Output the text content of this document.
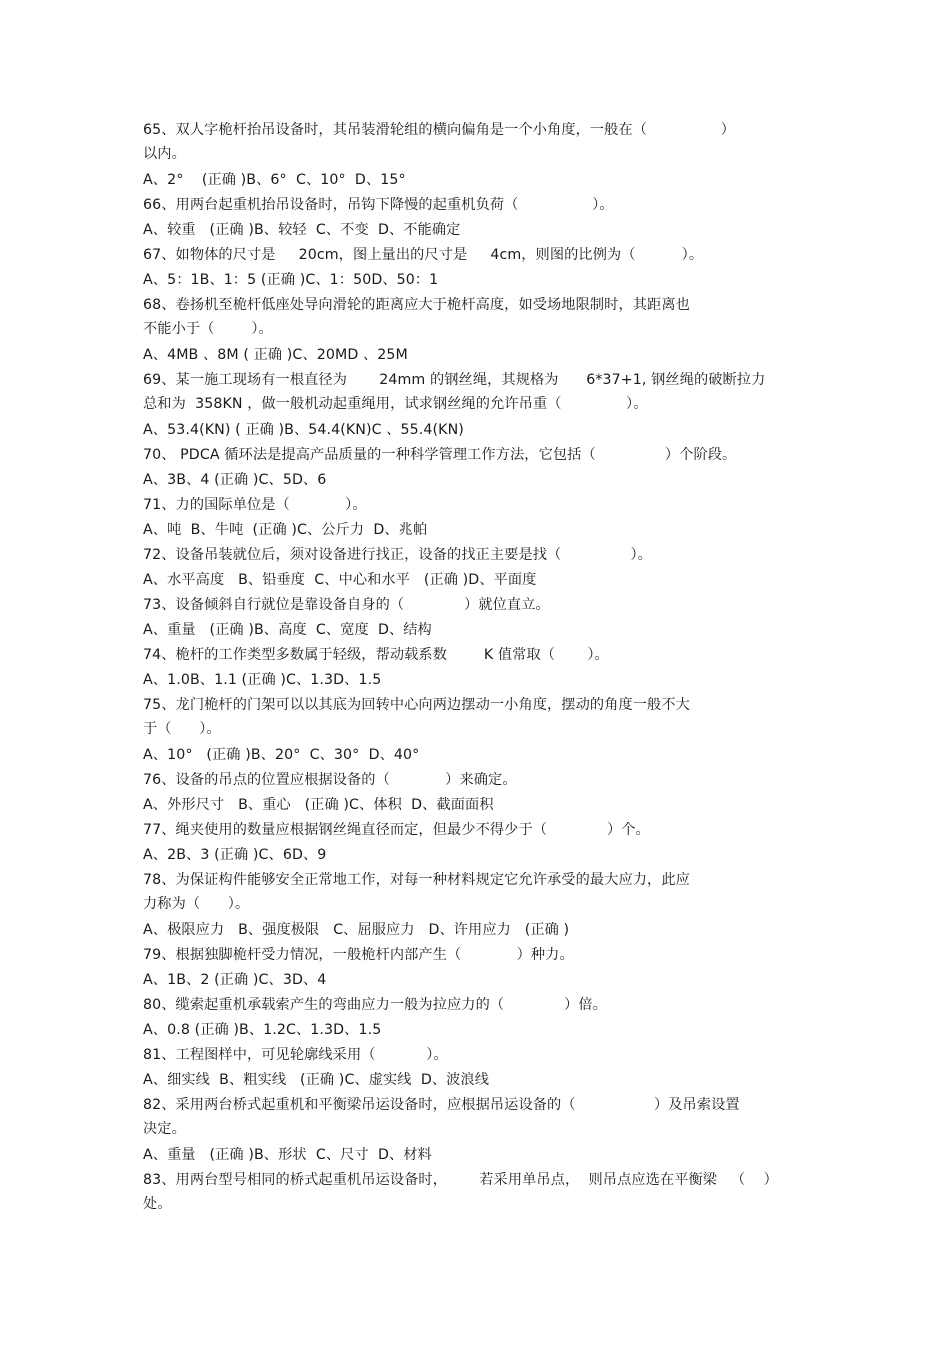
65、双人字桅杆抬吊设备时，其吊装滑轮组的横向偏角是一个小角度，一般在（                ）
以内。
A、2°    (正确 )B、6°  C、10°  D、15°
66、用两台起重机抬吊设备时，吊钩下降慢的起重机负荷（                ）。
A、较重   (正确 )B、较轻  C、不变  D、不能确定
67、如物体的尺寸是     20cm，图上量出的尺寸是     4cm，则图的比例为（          ）。
A、5：1B、1：5 (正确 )C、1：50D、50：1
68、卷扬机至桅杆低座处导向滑轮的距离应大于桅杆高度，如受场地限制时，其距离也
不能小于（        ）。
A、4MB 、8M ( 正确 )C、20MD 、25M
69、某一施工现场有一根直径为       24mm 的钢丝绳，其规格为      6*37+1, 钢丝绳的破断拉力
总和为  358KN ，做一般机动起重绳用，试求钢丝绳的允许吊重（              ）。
A、53.4(KN) ( 正确 )B、54.4(KN)C 、55.4(KN)
70、 PDCA 循环法是提高产品质量的一种科学管理工作方法，它包括（               ）个阶段。
A、3B、4 (正确 )C、5D、6
71、力的国际单位是（            ）。
A、吨  B、牛吨  (正确 )C、公斤力  D、兆帕
72、设备吊装就位后，须对设备进行找正，设备的找正主要是找（               ）。
A、水平高度   B、铅垂度  C、中心和水平   (正确 )D、平面度
73、设备倾斜自行就位是靠设备自身的（             ）就位直立。
A、重量   (正确 )B、高度  C、宽度  D、结构
74、桅杆的工作类型多数属于轻级，帮动载系数        K 值常取（       ）。
A、1.0B、1.1 (正确 )C、1.3D、1.5
75、龙门桅杆的门架可以以其底为回转中心向两边摆动一小角度，摆动的角度一般不大
于（      ）。
A、10°   (正确 )B、20°  C、30°  D、40°
76、设备的吊点的位置应根据设备的（            ）来确定。
A、外形尺寸   B、重心   (正确 )C、体积  D、截面面积
77、绳夹使用的数量应根据钢丝绳直径而定，但最少不得少于（             ）个。
A、2B、3 (正确 )C、6D、9
78、为保证构件能够安全正常地工作，对每一种材料规定它允许承受的最大应力，此应
力称为（      ）。
A、极限应力   B、强度极限   C、屈服应力   D、许用应力   (正确 )
79、根据独脚桅杆受力情况，一般桅杆内部产生（            ）种力。
A、1B、2 (正确 )C、3D、4
80、缆索起重机承载索产生的弯曲应力一般为拉应力的（             ）倍。
A、0.8 (正确 )B、1.2C、1.3D、1.5
81、工程图样中，可见轮廓线采用（           ）。
A、细实线  B、粗实线   (正确 )C、虚实线  D、波浪线
82、采用两台桥式起重机和平衡梁吊运设备时，应根据吊运设备的（                 ）及吊索设置
决定。
A、重量   (正确 )B、形状  C、尺寸  D、材料
83、用两台型号相同的桥式起重机吊运设备时，       若采用单吊点，  则吊点应选在平衡梁   （    ）
处。
